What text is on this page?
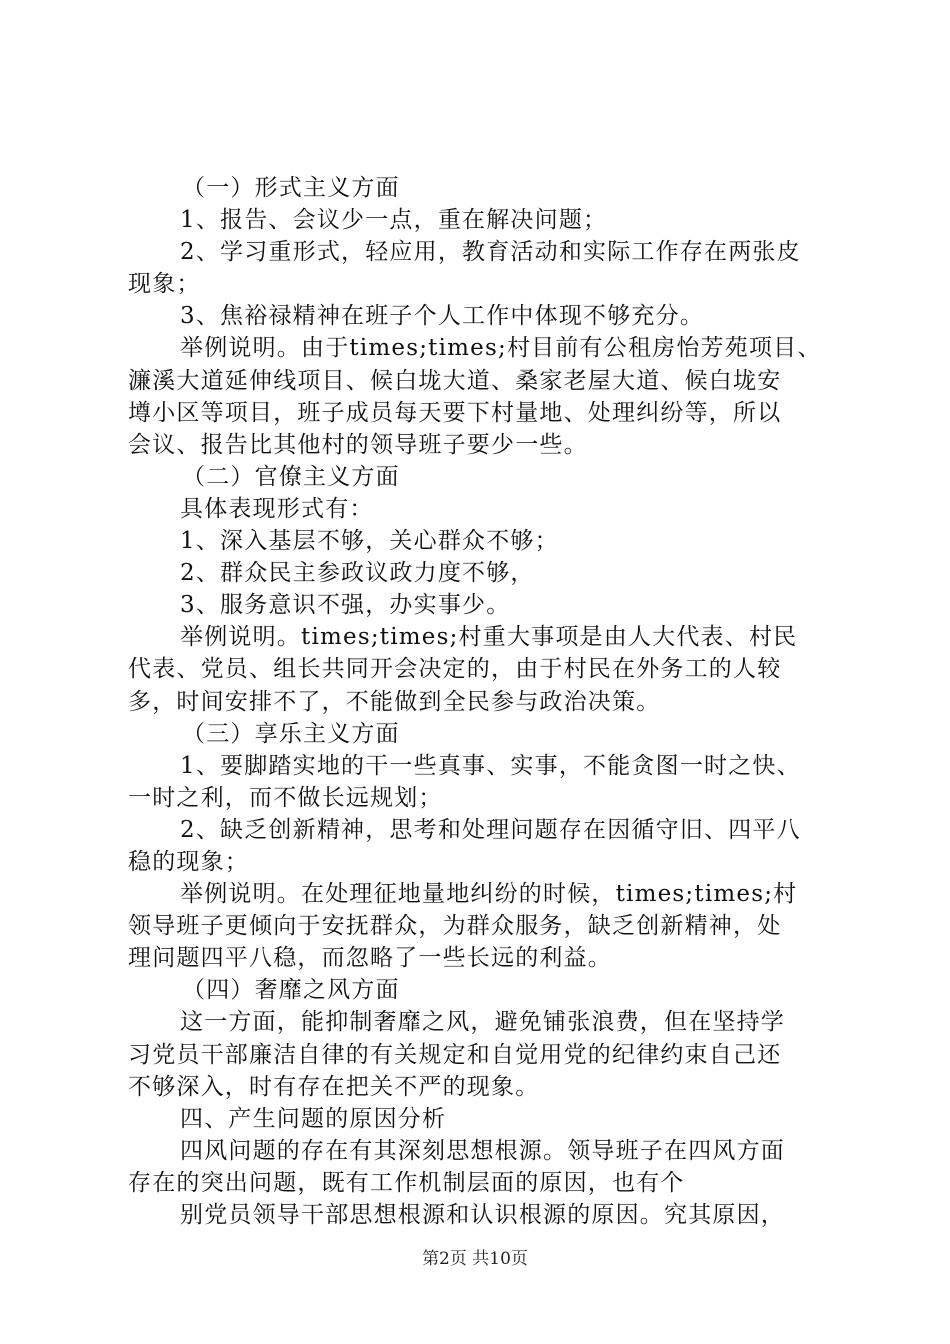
（一）形式主义方面
1、报告、会议少一点，重在解决问题；
2、学习重形式，轻应用，教育活动和实际工作存在两张皮
现象；
3、焦裕禄精神在班子个人工作中体现不够充分。
举例说明。由于times;times;村目前有公租房怡芳苑项目、
濂溪大道延伸线项目、候白垅大道、桑家老屋大道、候白垅安
壿小区等项目，班子成员每天要下村量地、处理纠纷等，所以
会议、报告比其他村的领导班子要少一些。
（二）官僚主义方面
具体表现形式有：
1、深入基层不够，关心群众不够；
2、群众民主参政议政力度不够，
3、服务意识不强，办实事少。
举例说明。times;times;村重大事项是由人大代表、村民
代表、党员、组长共同开会决定的，由于村民在外务工的人较
多，时间安排不了，不能做到全民参与政治决策。
（三）享乐主义方面
1、要脚踏实地的干一些真事、实事，不能贪图一时之快、
一时之利，而不做长远规划；
2、缺乏创新精神，思考和处理问题存在因循守旧、四平八
稳的现象；
举例说明。在处理征地量地纠纷的时候，times;times;村
领导班子更倾向于安抚群众，为群众服务，缺乏创新精神，处
理问题四平八稳，而忽略了一些长远的利益。
（四）奢靡之风方面
这一方面，能抑制奢靡之风，避免铺张浪费，但在坚持学
习党员干部廉洁自律的有关规定和自觉用党的纪律约束自己还
不够深入，时有存在把关不严的现象。
四、产生问题的原因分析
四风问题的存在有其深刻思想根源。领导班子在四风方面
存在的突出问题，既有工作机制层面的原因，也有个
别党员领导干部思想根源和认识根源的原因。究其原因，
第2页 共10页
